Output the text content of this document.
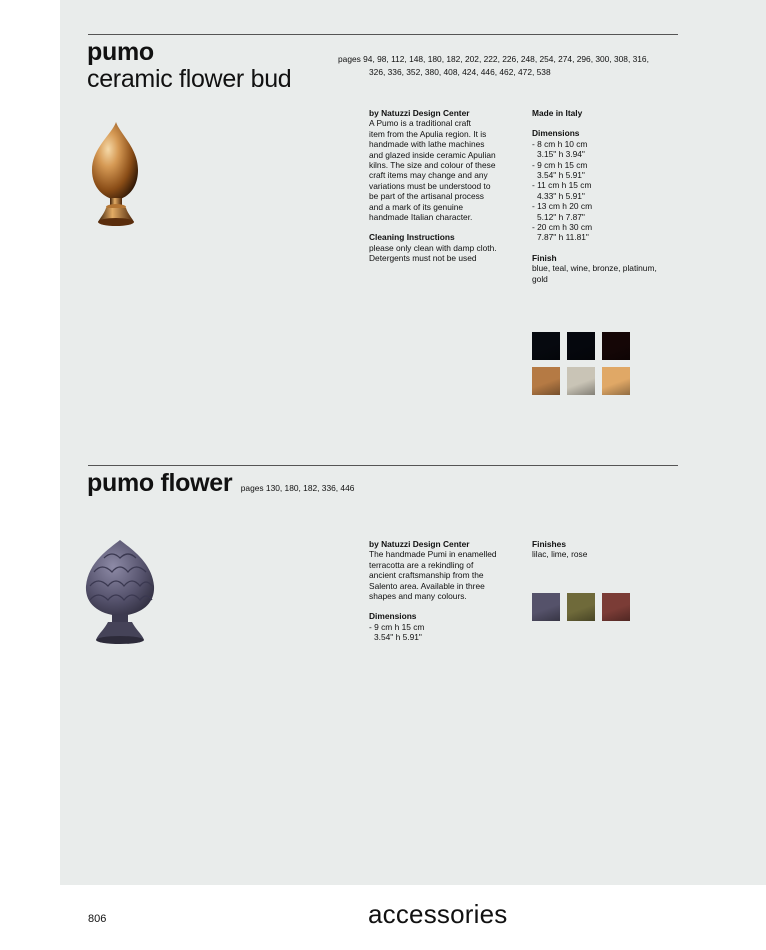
pumo
ceramic flower bud
pages 94, 98, 112, 148, 180, 182, 202, 222, 226, 248, 254, 274, 296, 300, 308, 316,
326, 336, 352, 380, 408, 424, 446, 462, 472, 538
by Natuzzi Design Center
A Pumo is a traditional craft
item from the Apulia region. It is
handmade with lathe machines
and glazed inside ceramic Apulian
kilns. The size and colour of these
craft items may change and any
variations must be understood to
be part of the artisanal process
and a mark of its genuine
handmade Italian character.
Cleaning Instructions
please only clean with damp cloth.
Detergents must not be used
Made in Italy
Dimensions
- 8 cm h 10 cm
3.15" h 3.94"
- 9 cm h 15 cm
3.54" h 5.91"
- 11 cm h 15 cm
4.33" h 5.91"
- 13 cm h 20 cm
5.12" h 7.87"
- 20 cm h 30 cm
7.87" h 11.81"
Finish
blue, teal, wine, bronze, platinum,
gold
pumo flower pages 130, 180, 182, 336, 446
by Natuzzi Design Center
The handmade Pumi in enamelled
terracotta are a rekindling of
ancient craftsmanship from the
Salento area. Available in three
shapes and many colours.
Dimensions
- 9 cm h 15 cm
3.54" h 5.91"
Finishes
lilac, lime, rose
806	accessories
